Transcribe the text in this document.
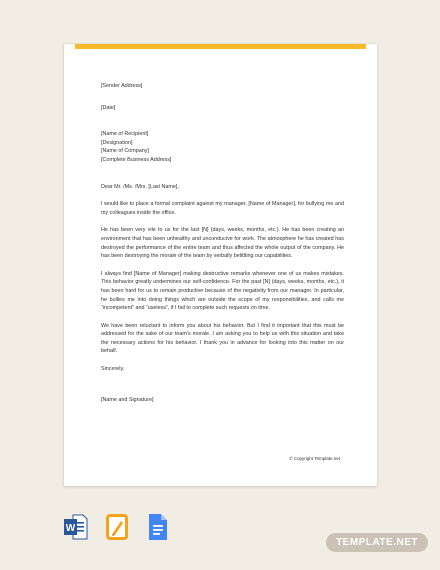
[Sender Address]
[Date]
[Name of Recipient]
[Designation]
[Name of Company]
[Complete Business Address]
Dear Mr. /Ms. /Mrs. [Last Name],

I would like to place a formal complaint against my manager, [Name of Manager], for bullying me and my colleagues inside the office.

He has been very vile to us for the last [N] (days, weeks, months, etc.). He has been creating an environment that has been unhealthy and unconducive for work. The atmosphere he has created has destroyed the performance of the entire team and thus affected the whole output of the company. He has been destroying the morale of the team by verbally belittling our capabilities.

I always find [Name of Manager] making destructive remarks whenever one of us makes mistakes. This behavior greatly undermines our self-confidence. For the past [N] (days, weeks, months, etc.), it has been hard for us to remain productive because of the negativity from our manager. In particular, he bullies me into doing things which are outside the scope of my responsibilities, and calls me “incompetent” and “useless”, if I fail to complete such requests on time.

We have been reluctant to inform you about his behavior. But I find it important that this must be addressed for the sake of our team’s morale. I am asking you to help us with this situation and take the necessary actions for his behavior. I thank you in advance for looking into this matter on our behalf.

Sincerely,
[Name and Signature]
© Copyright Template.net
W
TEMPLATE.NET
